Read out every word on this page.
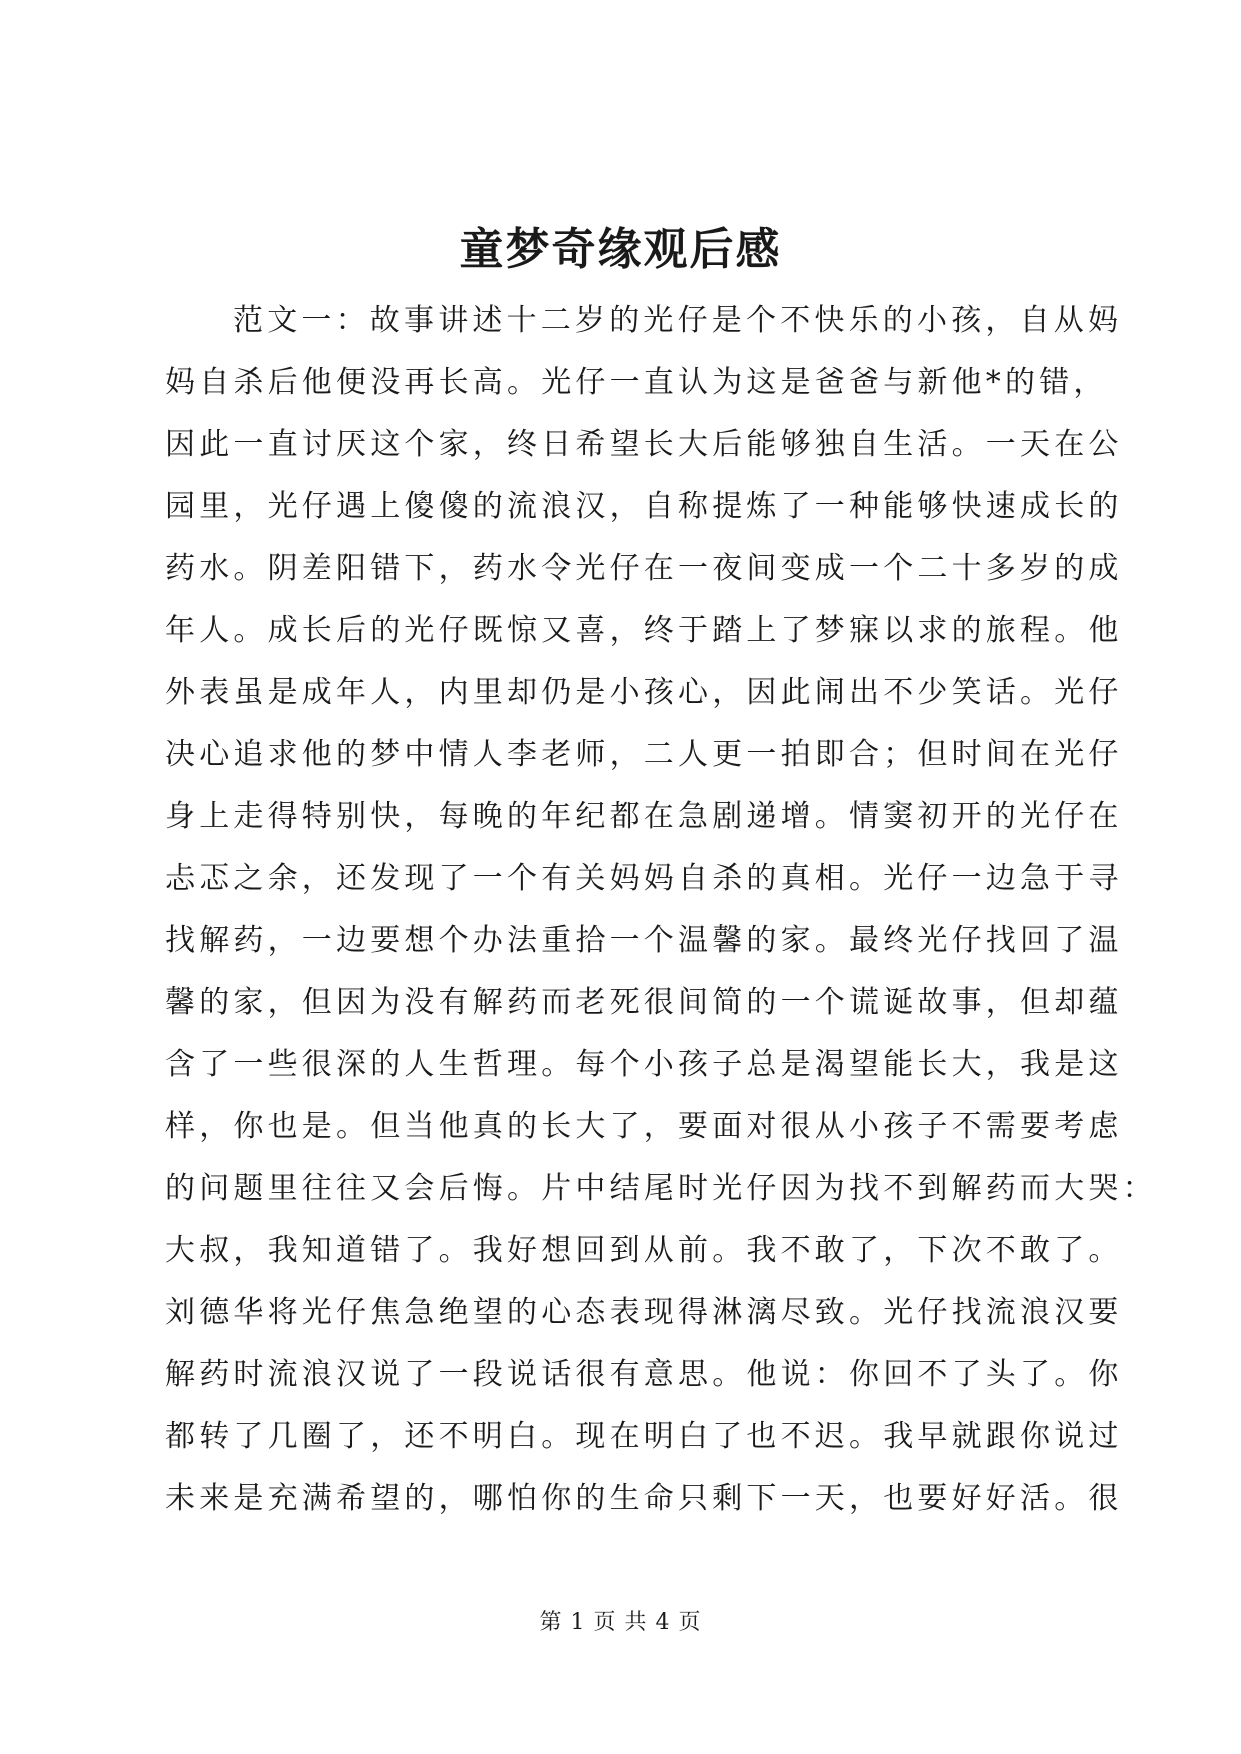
童梦奇缘观后感
范文一：故事讲述十二岁的光仔是个不快乐的小孩，自从妈
妈自杀后他便没再长高。光仔一直认为这是爸爸与新他*的错，
因此一直讨厌这个家，终日希望长大后能够独自生活。一天在公
园里，光仔遇上傻傻的流浪汉，自称提炼了一种能够快速成长的
药水。阴差阳错下，药水令光仔在一夜间变成一个二十多岁的成
年人。成长后的光仔既惊又喜，终于踏上了梦寐以求的旅程。他
外表虽是成年人，内里却仍是小孩心，因此闹出不少笑话。光仔
决心追求他的梦中情人李老师，二人更一拍即合；但时间在光仔
身上走得特别快，每晚的年纪都在急剧递增。情窦初开的光仔在
忐忑之余，还发现了一个有关妈妈自杀的真相。光仔一边急于寻
找解药，一边要想个办法重拾一个温馨的家。最终光仔找回了温
馨的家，但因为没有解药而老死很间简的一个谎诞故事，但却蕴
含了一些很深的人生哲理。每个小孩子总是渴望能长大，我是这
样，你也是。但当他真的长大了，要面对很从小孩子不需要考虑
的问题里往往又会后悔。片中结尾时光仔因为找不到解药而大哭：
大叔，我知道错了。我好想回到从前。我不敢了，下次不敢了。
刘德华将光仔焦急绝望的心态表现得淋漓尽致。光仔找流浪汉要
解药时流浪汉说了一段说话很有意思。他说：你回不了头了。你
都转了几圈了，还不明白。现在明白了也不迟。我早就跟你说过
未来是充满希望的，哪怕你的生命只剩下一天，也要好好活。很
第 1 页 共 4 页
